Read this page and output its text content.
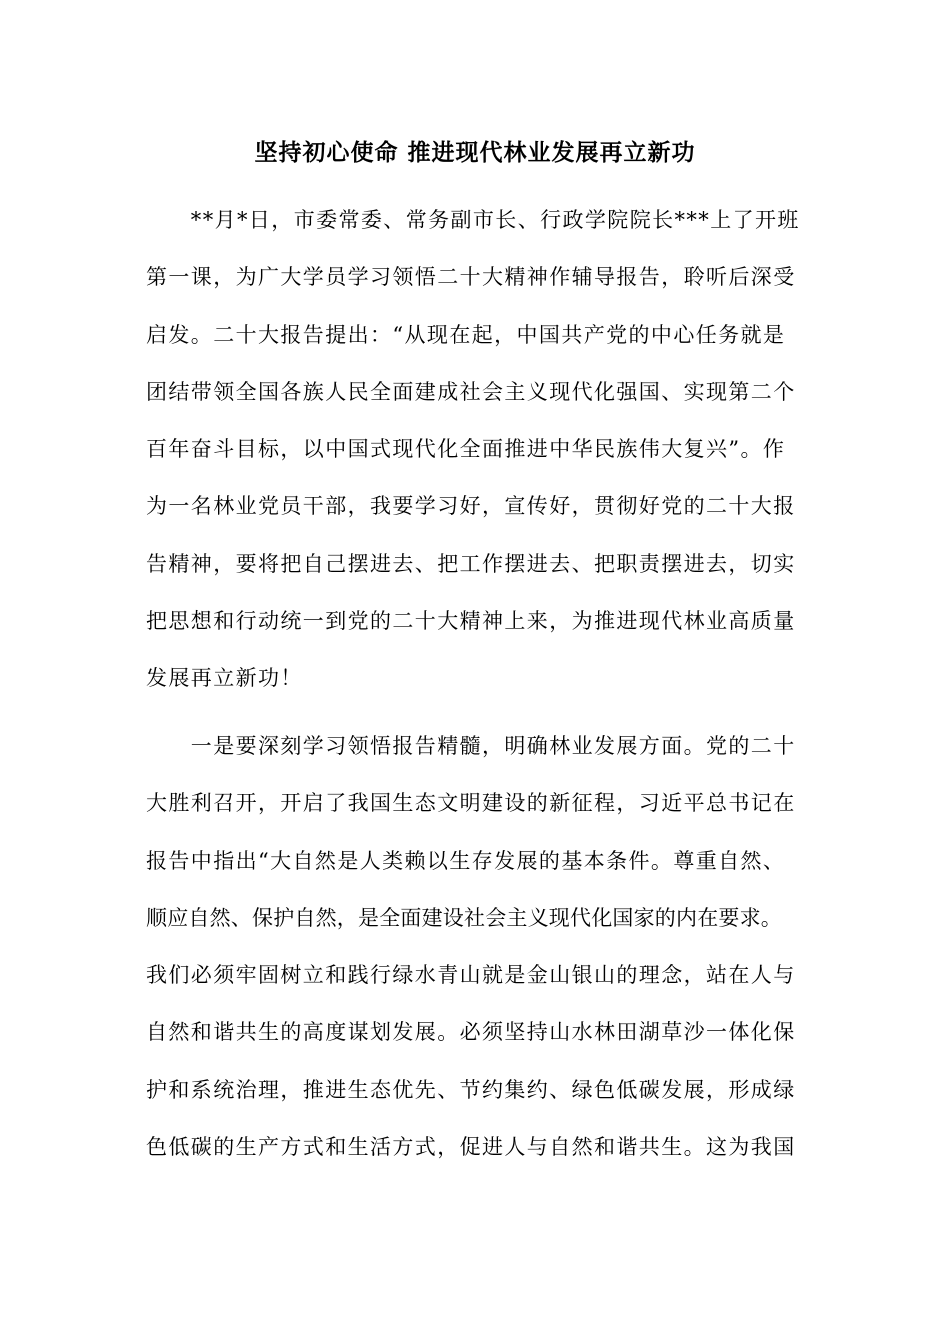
坚持初心使命 推进现代林业发展再立新功
　　**月*日，市委常委、常务副市长、行政学院院长***上了开班
第一课，为广大学员学习领悟二十大精神作辅导报告，聆听后深受
启发。二十大报告提出：“从现在起，中国共产党的中心任务就是
团结带领全国各族人民全面建成社会主义现代化强国、实现第二个
百年奋斗目标，以中国式现代化全面推进中华民族伟大复兴”。作
为一名林业党员干部，我要学习好，宣传好，贯彻好党的二十大报
告精神，要将把自己摆进去、把工作摆进去、把职责摆进去，切实
把思想和行动统一到党的二十大精神上来，为推进现代林业高质量
发展再立新功！
　　一是要深刻学习领悟报告精髓，明确林业发展方面。党的二十
大胜利召开，开启了我国生态文明建设的新征程，习近平总书记在
报告中指出“大自然是人类赖以生存发展的基本条件。尊重自然、
顺应自然、保护自然，是全面建设社会主义现代化国家的内在要求。
我们必须牢固树立和践行绿水青山就是金山银山的理念，站在人与
自然和谐共生的高度谋划发展。必须坚持山水林田湖草沙一体化保
护和系统治理，推进生态优先、节约集约、绿色低碳发展，形成绿
色低碳的生产方式和生活方式，促进人与自然和谐共生。这为我国
